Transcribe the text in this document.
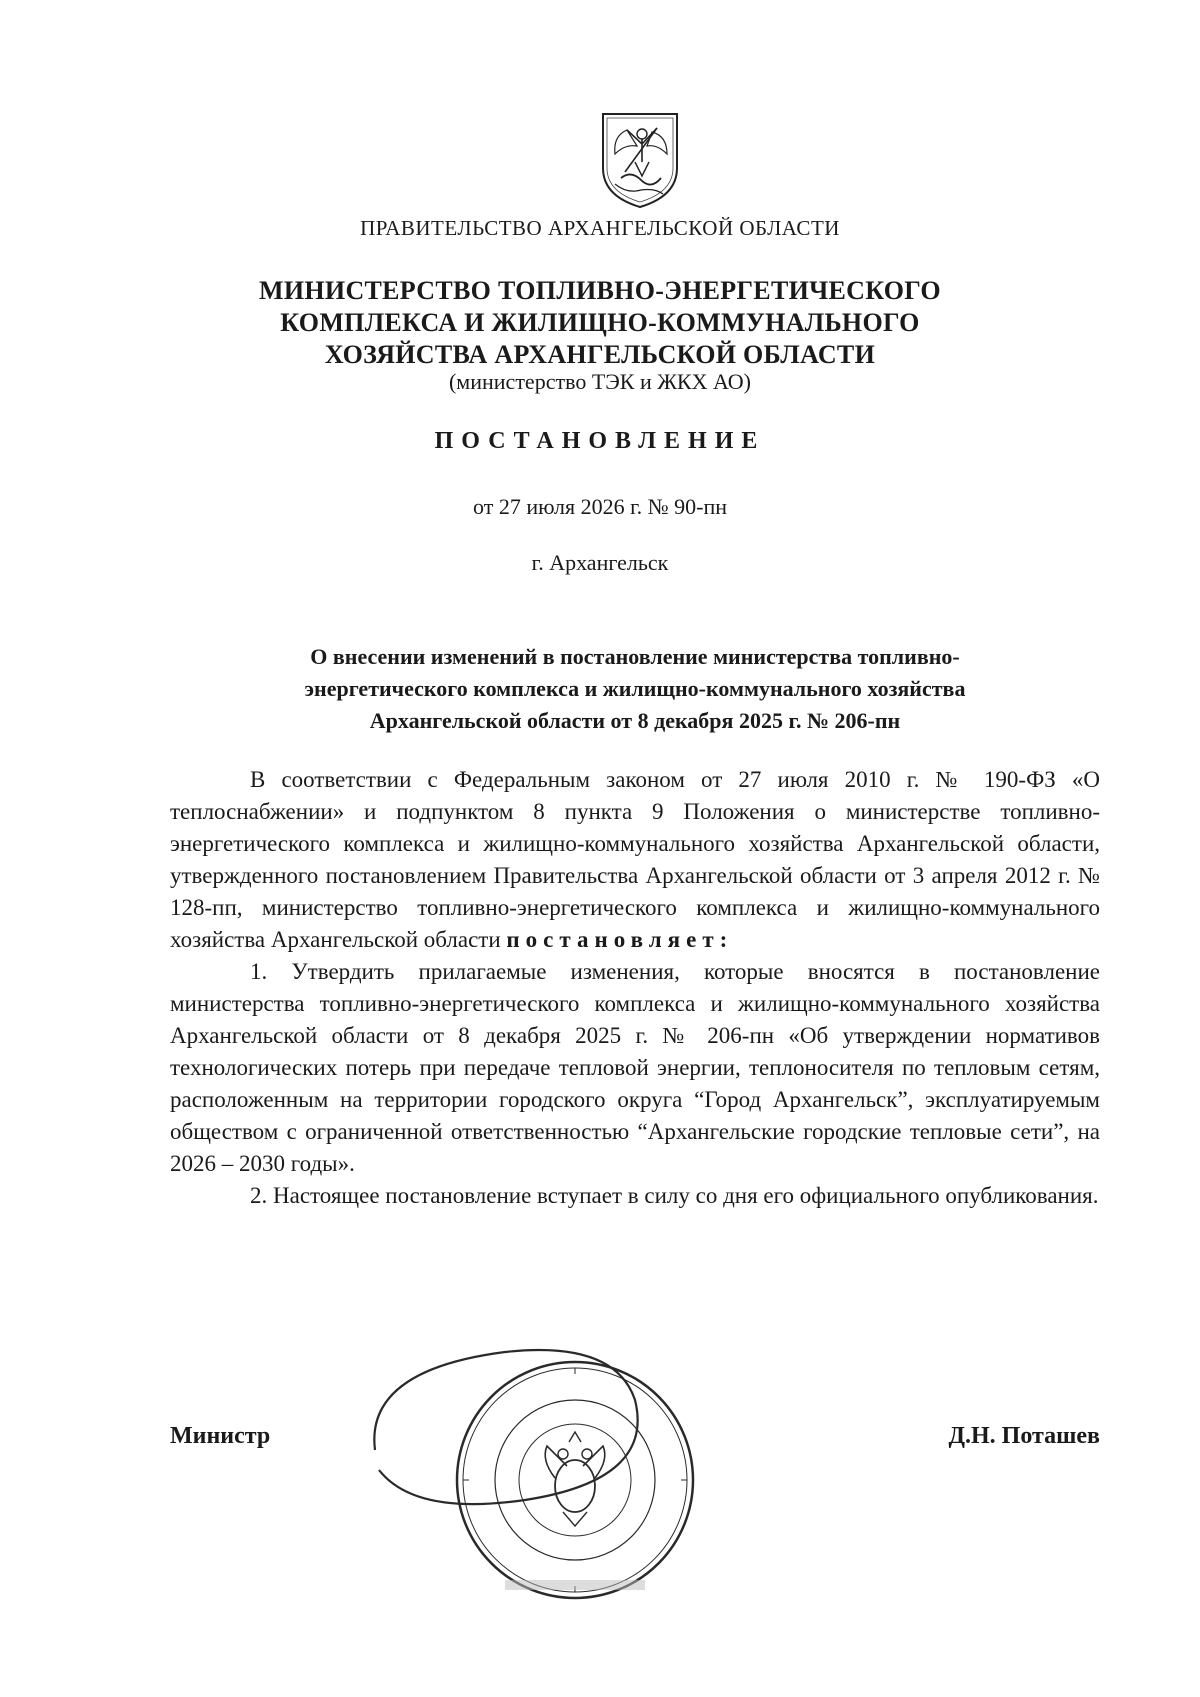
ПРАВИТЕЛЬСТВО АРХАНГЕЛЬСКОЙ ОБЛАСТИ
МИНИСТЕРСТВО ТОПЛИВНО-ЭНЕРГЕТИЧЕСКОГО
КОМПЛЕКСА И ЖИЛИЩНО-КОММУНАЛЬНОГО
ХОЗЯЙСТВА АРХАНГЕЛЬСКОЙ ОБЛАСТИ
(министерство ТЭК и ЖКХ АО)
ПОСТАНОВЛЕНИЕ
от 27 июля 2026 г. № 90-пн
г. Архангельск
О внесении изменений в постановление министерства топливно-
энергетического комплекса и жилищно-коммунального хозяйства
Архангельской области от 8 декабря 2025 г. № 206-пн

В соответствии с Федеральным законом от 27 июля 2010 г. № 190-ФЗ «О теплоснабжении» и подпунктом 8 пункта 9 Положения о министерстве топливно-энергетического комплекса и жилищно-коммунального хозяйства Архангельской области, утвержденного постановлением Правительства Архангельской области от 3 апреля 2012 г. № 128-пп, министерство топливно-энергетического комплекса и жилищно-коммунального хозяйства Архангельской области постановляет:

1. Утвердить прилагаемые изменения, которые вносятся в постановление министерства топливно-энергетического комплекса и жилищно-коммунального хозяйства Архангельской области от 8 декабря 2025 г. № 206-пн «Об утверждении нормативов технологических потерь при передаче тепловой энергии, теплоносителя по тепловым сетям, расположенным на территории городского округа “Город Архангельск”, эксплуатируемым обществом с ограниченной ответственностью “Архангельские городские тепловые сети”, на 2026 – 2030 годы».

2. Настоящее постановление вступает в силу со дня его официального опубликования.

Министр	Д.Н. Поташев
